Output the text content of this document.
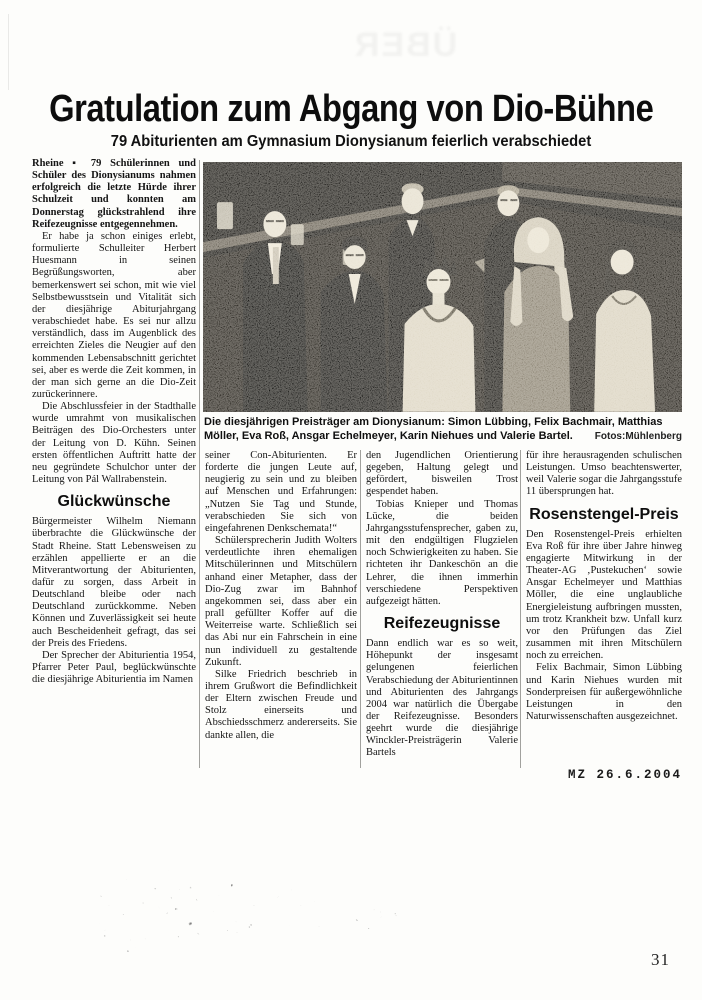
ÜBER
Gratulation zum Abgang von Dio-Bühne
79 Abiturienten am Gymnasium Dionysianum feierlich verabschiedet

Rheine ▪ 79 Schülerinnen und Schüler des Dionysianums nahmen erfolgreich die letzte Hürde ihrer Schulzeit und konnten am Donnerstag glückstrahlend ihre Reifezeugnisse entgegennehmen.

Er habe ja schon einiges erlebt, formulierte Schulleiter Herbert Huesmann in seinen Begrüßungsworten, aber bemerkenswert sei schon, mit wie viel Selbstbewusstsein und Vitalität sich der diesjährige Abiturjahrgang verabschiedet habe. Es sei nur allzu verständlich, dass im Augenblick des erreichten Zieles die Neugier auf den kommenden Lebensabschnitt gerichtet sei, aber es werde die Zeit kommen, in der man sich gerne an die Dio-Zeit zurückerinnere.

Die Abschlussfeier in der Stadthalle wurde umrahmt von musikalischen Beiträgen des Dio-Orchesters unter der Leitung von D. Kühn. Seinen ersten öffentlichen Auftritt hatte der neu gegründete Schulchor unter der Leitung von Pál Wallrabenstein.

Glückwünsche

Bürgermeister Wilhelm Niemann überbrachte die Glückwünsche der Stadt Rheine. Statt Lebensweisen zu erzählen appellierte er an die Mitverantwortung der Abiturienten, dafür zu sorgen, dass Arbeit in Deutschland bleibe oder nach Deutschland zurückkomme. Neben Können und Zuverlässigkeit sei heute auch Bescheidenheit gefragt, das sei der Preis des Friedens.

Der Sprecher der Abiturientia 1954, Pfarrer Peter Paul, beglückwünschte die diesjährige Abiturientia im Namen

Die diesjährigen Preisträger am Dionysianum: Simon Lübbing, Felix Bachmair, Matthias Möller, Eva Roß, Ansgar Echelmeyer, Karin Niehues und Valerie Bartel. Fotos:Mühlenberg

seiner Con-Abiturienten. Er forderte die jungen Leute auf, neugierig zu sein und zu bleiben auf Menschen und Erfahrungen: „Nutzen Sie Tag und Stunde, verabschieden Sie sich von eingefahrenen Denkschemata!“

Schülersprecherin Judith Wolters verdeutlichte ihren ehemaligen Mitschülerinnen und Mitschülern anhand einer Metapher, dass der Dio-Zug zwar im Bahnhof angekommen sei, dass aber ein prall gefüllter Koffer auf die Weiterreise warte. Schließlich sei das Abi nur ein Fahrschein in eine nun individuell zu gestaltende Zukunft.

Silke Friedrich beschrieb in ihrem Grußwort die Befindlichkeit der Eltern zwischen Freude und Stolz einerseits und Abschiedsschmerz andererseits. Sie dankte allen, die

den Jugendlichen Orientierung gegeben, Haltung gelegt und gefördert, bisweilen Trost gespendet haben.

Tobias Knieper und Thomas Lücke, die beiden Jahrgangsstufensprecher, gaben zu, mit den endgültigen Flugzielen noch Schwierigkeiten zu haben. Sie richteten ihr Dankeschön an die Lehrer, die ihnen immerhin verschiedene Perspektiven aufgezeigt hätten.

Reifezeugnisse

Dann endlich war es so weit, Höhepunkt der insgesamt gelungenen feierlichen Verabschiedung der Abiturientinnen und Abiturienten des Jahrgangs 2004 war natürlich die Übergabe der Reifezeugnisse. Besonders geehrt wurde die diesjährige Winckler-Preisträgerin Valerie Bartels

für ihre herausragenden schulischen Leistungen. Umso beachtenswerter, weil Valerie sogar die Jahrgangsstufe 11 übersprungen hat.

Rosenstengel-Preis

Den Rosenstengel-Preis erhielten Eva Roß für ihre über Jahre hinweg engagierte Mitwirkung in der Theater-AG ‚Pustekuchen‘ sowie Ansgar Echelmeyer und Matthias Möller, die eine unglaubliche Energieleistung aufbringen mussten, um trotz Krankheit bzw. Unfall kurz vor den Prüfungen das Ziel zusammen mit ihren Mitschülern noch zu erreichen.

Felix Bachmair, Simon Lübbing und Karin Niehues wurden mit Sonderpreisen für außergewöhnliche Leistungen in den Naturwissenschaften ausgezeichnet.

MZ 26.6.2004
2004
31
